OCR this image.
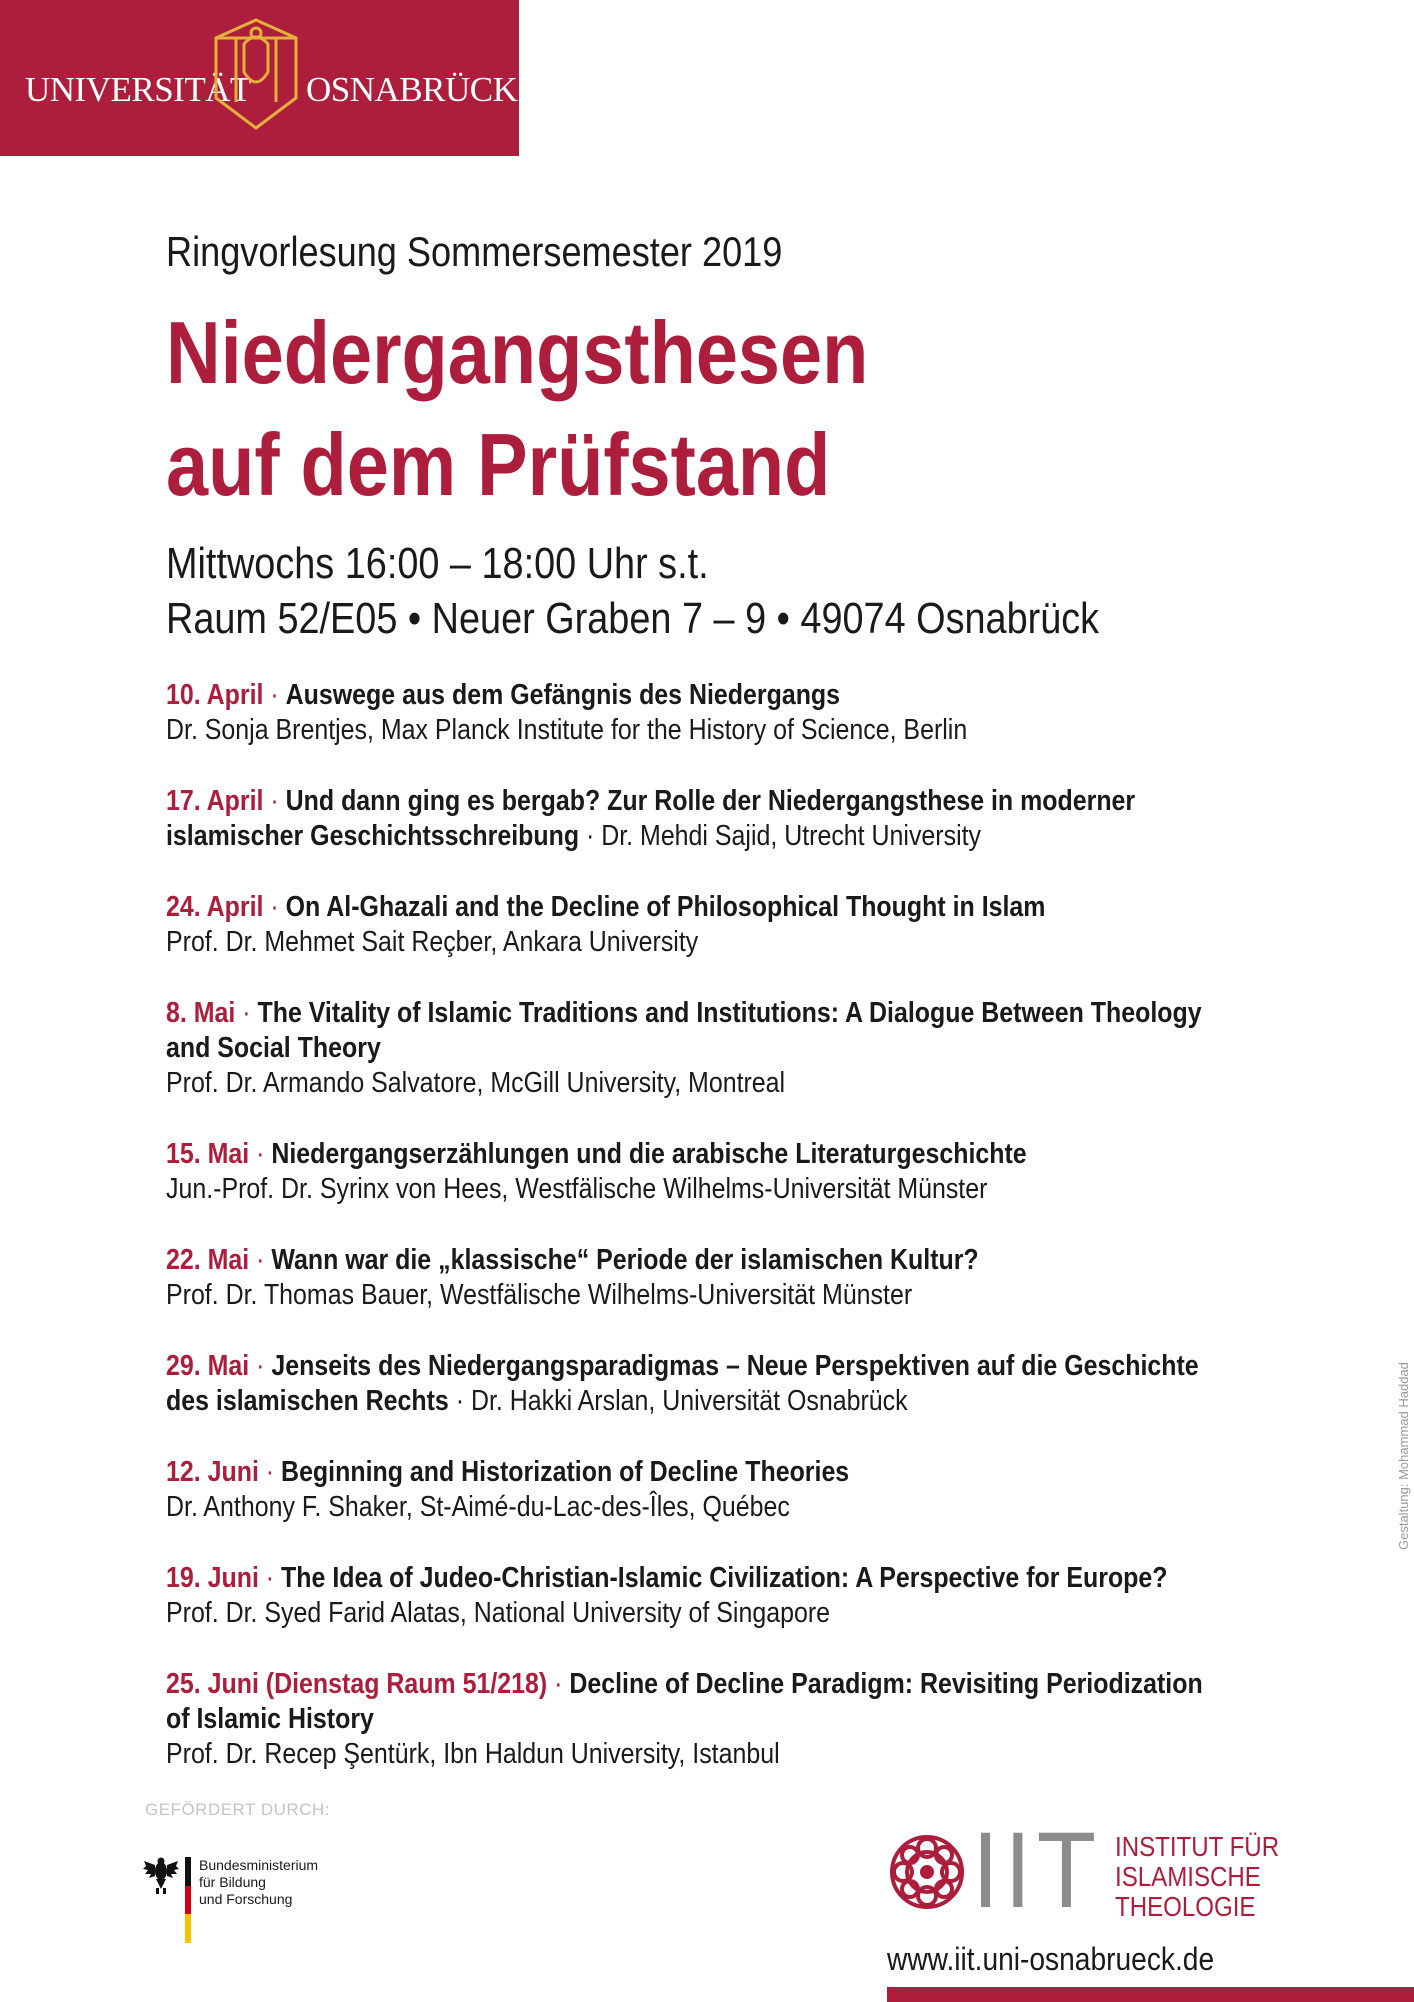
UNIVERSITÄT OSNABRÜCK
Ringvorlesung Sommersemester 2019
Niedergangsthesen
auf dem Prüfstand
Mittwochs 16:00 – 18:00 Uhr s.t.
Raum 52/E05 • Neuer Graben 7 – 9 • 49074 Osnabrück
10. April · Auswege aus dem Gefängnis des Niedergangs
Dr. Sonja Brentjes, Max Planck Institute for the History of Science, Berlin
17. April · Und dann ging es bergab? Zur Rolle der Niedergangsthese in moderner islamischer Geschichtsschreibung · Dr. Mehdi Sajid, Utrecht University
24. April · On Al-Ghazali and the Decline of Philosophical Thought in Islam
Prof. Dr. Mehmet Sait Reçber, Ankara University
8. Mai · The Vitality of Islamic Traditions and Institutions: A Dialogue Between Theology and Social Theory
Prof. Dr. Armando Salvatore, McGill University, Montreal
15. Mai · Niedergangserzählungen und die arabische Literaturgeschichte
Jun.-Prof. Dr. Syrinx von Hees, Westfälische Wilhelms-Universität Münster
22. Mai · Wann war die „klassische“ Periode der islamischen Kultur?
Prof. Dr. Thomas Bauer, Westfälische Wilhelms-Universität Münster
29. Mai · Jenseits des Niedergangsparadigmas – Neue Perspektiven auf die Geschichte des islamischen Rechts · Dr. Hakki Arslan, Universität Osnabrück
12. Juni · Beginning and Historization of Decline Theories
Dr. Anthony F. Shaker, St-Aimé-du-Lac-des-Îles, Québec
19. Juni · The Idea of Judeo-Christian-Islamic Civilization: A Perspective for Europe?
Prof. Dr. Syed Farid Alatas, National University of Singapore
25. Juni (Dienstag Raum 51/218) · Decline of Decline Paradigm: Revisiting Periodization of Islamic History
Prof. Dr. Recep Şentürk, Ibn Haldun University, Istanbul
Gestaltung: Mohammad Haddad
GEFÖRDERT DURCH:
Bundesministerium
für Bildung
und Forschung	IIT INSTITUT FÜR
ISLAMISCHE
THEOLOGIE
www.iit.uni-osnabrueck.de
